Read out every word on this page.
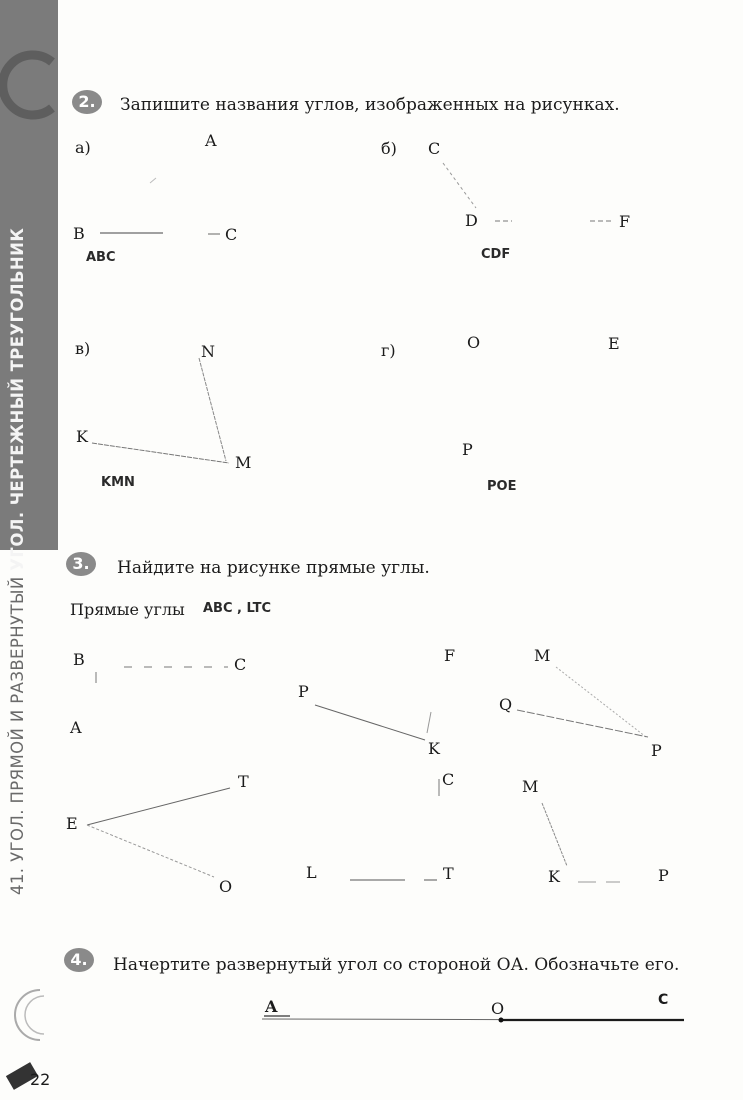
41. УГОЛ. ПРЯМОЙ И РАЗВЕРНУТЫЙ УГОЛ. ЧЕРТЕЖНЫЙ ТРЕУГОЛЬНИК
2.	Запишите названия углов, изображенных на рисунках.
а)	A
B	C
ABC
б) C
D	F
CDF
в)	N
K
M
KMN
г)	O	E
P
POE
3.	Найдите на рисунке прямые углы.
Прямые углы ABC , LTC
B	C
A
F	M
P
K
Q
P
T
E
O
C	M
L	T	K	P
4.	Начертите развернутый угол со стороной ОА. Обозначьте его.
A	O	C
22
